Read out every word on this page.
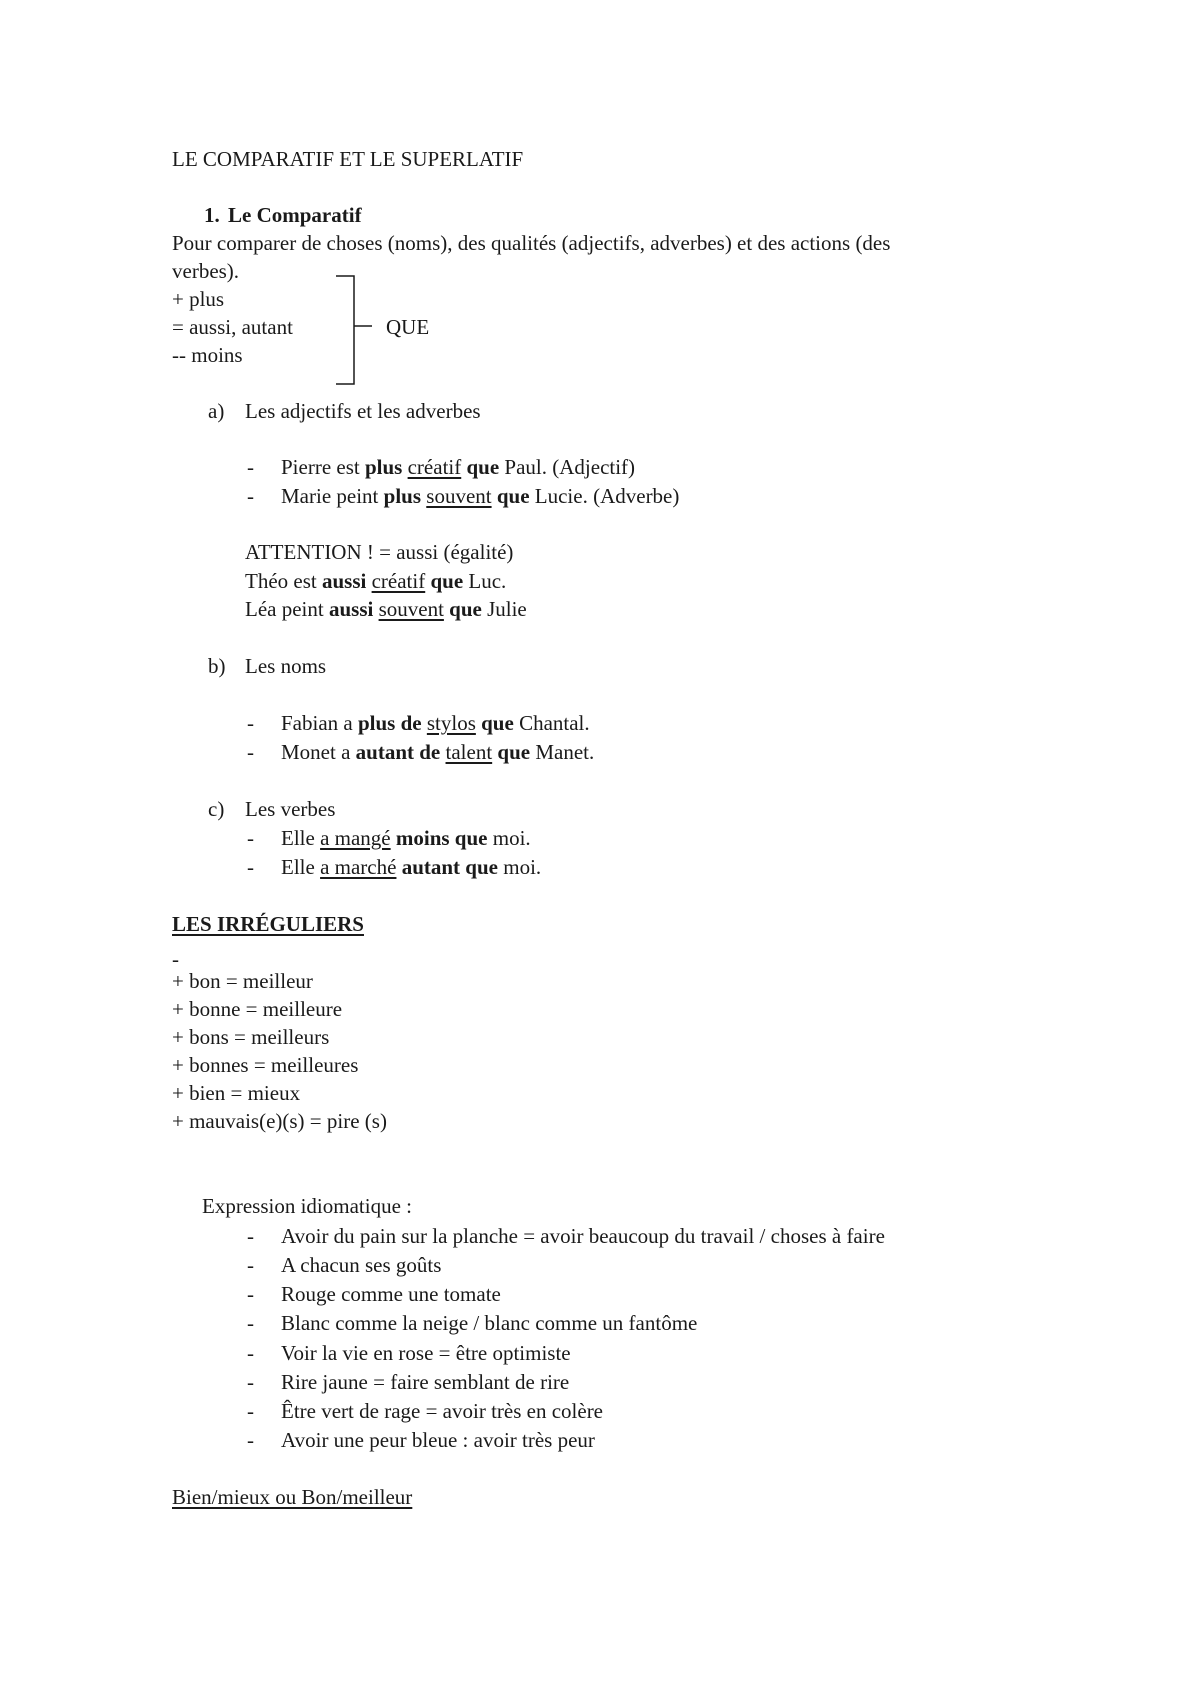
LE COMPARATIF ET LE SUPERLATIF
1. Le Comparatif
Pour comparer de choses (noms), des qualités (adjectifs, adverbes) et des actions (des
verbes).
+ plus
= aussi, autant
-- moins
QUE
a) Les adjectifs et les adverbes
- Pierre est plus créatif que Paul. (Adjectif)
- Marie peint plus souvent que Lucie. (Adverbe)
ATTENTION ! = aussi (égalité)
Théo est aussi créatif que Luc.
Léa peint aussi souvent que Julie
b) Les noms
- Fabian a plus de stylos que Chantal.
- Monet a autant de talent que Manet.
c) Les verbes
- Elle a mangé moins que moi.
- Elle a marché autant que moi.
LES IRRÉGULIERS
-
+ bon = meilleur
+ bonne = meilleure
+ bons = meilleurs
+ bonnes = meilleures
+ bien = mieux
+ mauvais(e)(s) = pire (s)
Expression idiomatique :
- Avoir du pain sur la planche = avoir beaucoup du travail / choses à faire
- A chacun ses goûts
- Rouge comme une tomate
- Blanc comme la neige / blanc comme un fantôme
- Voir la vie en rose = être optimiste
- Rire jaune = faire semblant de rire
- Être vert de rage = avoir très en colère
- Avoir une peur bleue : avoir très peur
Bien/mieux ou Bon/meilleur
